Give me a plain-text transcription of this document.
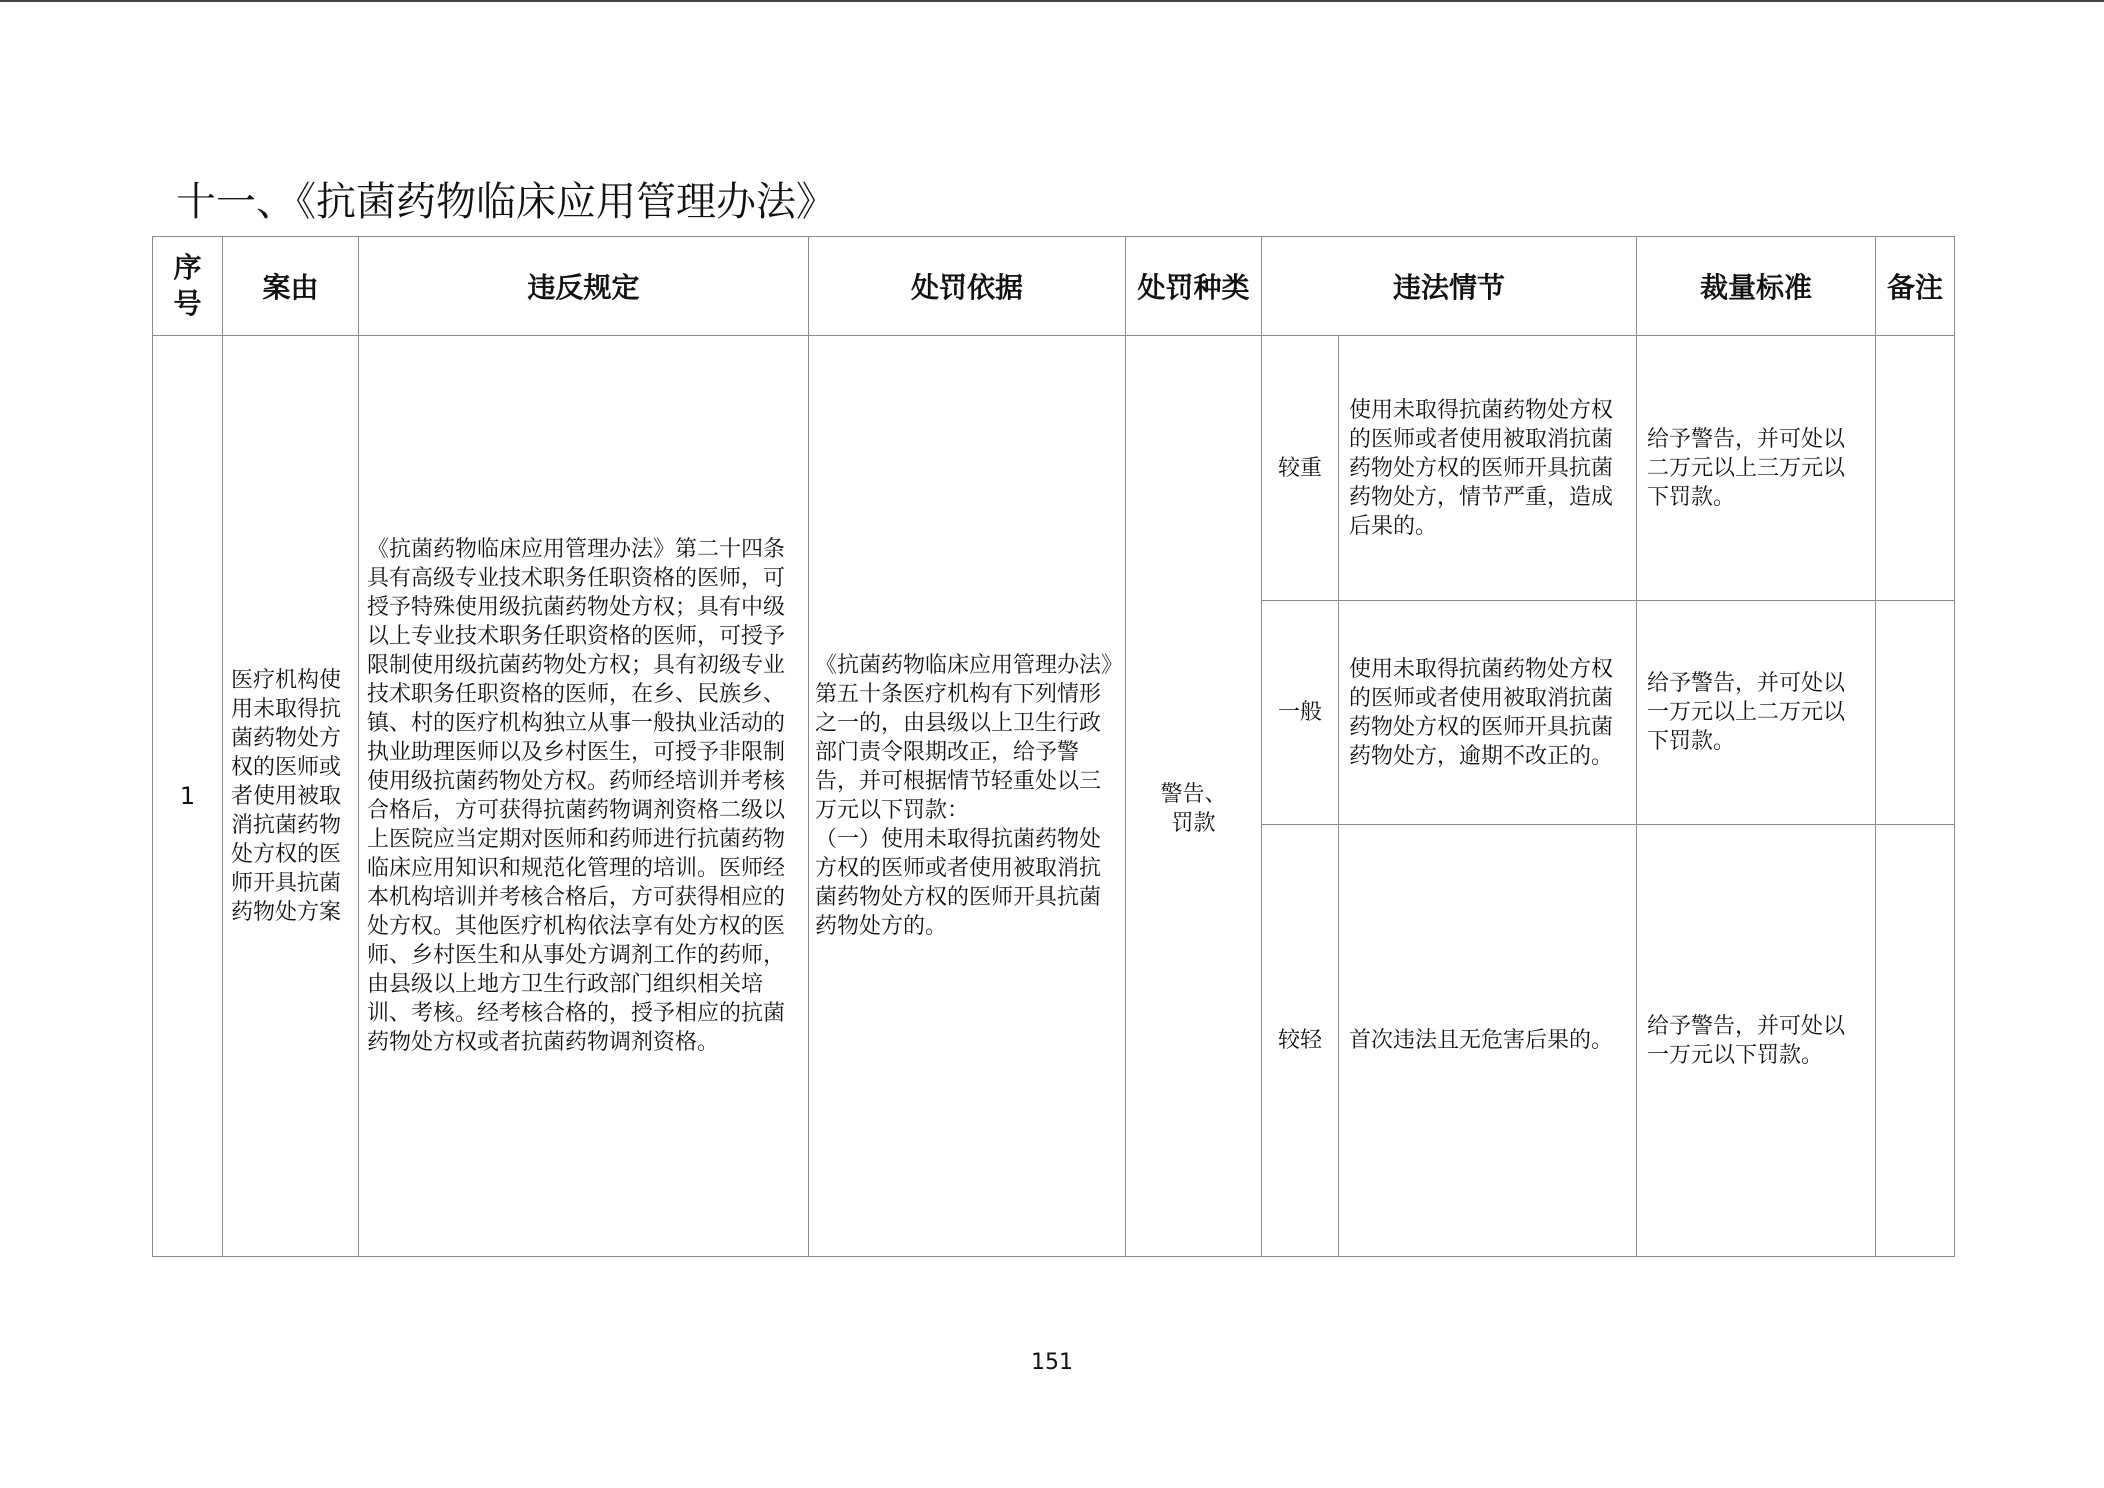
十一、《抗菌药物临床应用管理办法》
序号	案由	违反规定	处罚依据	处罚种类	违法情节		裁量标准	备注
1	医疗机构使用未取得抗菌药物处方权的医师或者使用被取消抗菌药物处方权的医师开具抗菌药物处方案	《抗菌药物临床应用管理办法》第二十四条具有高级专业技术职务任职资格的医师，可授予特殊使用级抗菌药物处方权；具有中级以上专业技术职务任职资格的医师，可授予限制使用级抗菌药物处方权；具有初级专业技术职务任职资格的医师，在乡、民族乡、镇、村的医疗机构独立从事一般执业活动的执业助理医师以及乡村医生，可授予非限制使用级抗菌药物处方权。药师经培训并考核合格后，方可获得抗菌药物调剂资格二级以上医院应当定期对医师和药师进行抗菌药物临床应用知识和规范化管理的培训。医师经本机构培训并考核合格后，方可获得相应的处方权。其他医疗机构依法享有处方权的医师、乡村医生和从事处方调剂工作的药师，由县级以上地方卫生行政部门组织相关培训、考核。经考核合格的，授予相应的抗菌药物处方权或者抗菌药物调剂资格。	《抗菌药物临床应用管理办法》第五十条医疗机构有下列情形之一的，由县级以上卫生行政部门责令限期改正，给予警告，并可根据情节轻重处以三万元以下罚款：
（一）使用未取得抗菌药物处方权的医师或者使用被取消抗菌药物处方权的医师开具抗菌药物处方的。	警告、罚款	较重	使用未取得抗菌药物处方权的医师或者使用被取消抗菌药物处方权的医师开具抗菌药物处方，情节严重，造成后果的。	给予警告，并可处以二万元以上三万元以下罚款。	

					一般	使用未取得抗菌药物处方权的医师或者使用被取消抗菌药物处方权的医师开具抗菌药物处方，逾期不改正的。	给予警告，并可处以一万元以上二万元以下罚款。	

					较轻	首次违法且无危害后果的。	给予警告，并可处以一万元以下罚款。	

151
